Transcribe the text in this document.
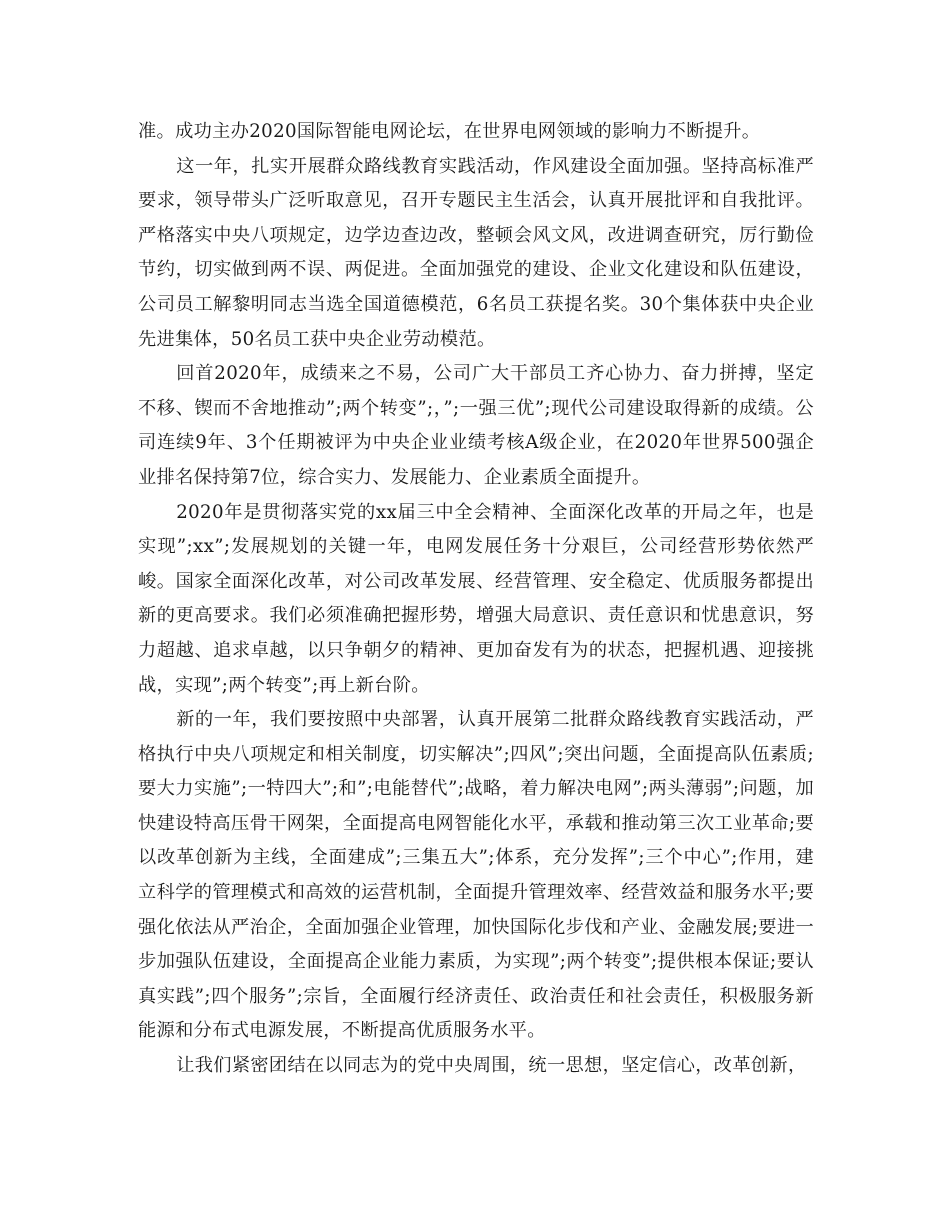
准。成功主办2020国际智能电网论坛，在世界电网领域的影响力不断提升。

这一年，扎实开展群众路线教育实践活动，作风建设全面加强。坚持高标准严要求，领导带头广泛听取意见，召开专题民主生活会，认真开展批评和自我批评。严格落实中央八项规定，边学边查边改，整顿会风文风，改进调查研究，厉行勤俭节约，切实做到两不误、两促进。全面加强党的建设、企业文化建设和队伍建设，公司员工解黎明同志当选全国道德模范，6名员工获提名奖。30个集体获中央企业先进集体，50名员工获中央企业劳动模范。

回首2020年，成绩来之不易，公司广大干部员工齐心协力、奋力拼搏，坚定不移、锲而不舍地推动”;两个转变”;，”;一强三优”;现代公司建设取得新的成绩。公司连续9年、3个任期被评为中央企业业绩考核A级企业，在2020年世界500强企业排名保持第7位，综合实力、发展能力、企业素质全面提升。

2020年是贯彻落实党的xx届三中全会精神、全面深化改革的开局之年，也是实现”;xx”;发展规划的关键一年，电网发展任务十分艰巨，公司经营形势依然严峻。国家全面深化改革，对公司改革发展、经营管理、安全稳定、优质服务都提出新的更高要求。我们必须准确把握形势，增强大局意识、责任意识和忧患意识，努力超越、追求卓越，以只争朝夕的精神、更加奋发有为的状态，把握机遇、迎接挑战，实现”;两个转变”;再上新台阶。

新的一年，我们要按照中央部署，认真开展第二批群众路线教育实践活动，严格执行中央八项规定和相关制度，切实解决”;四风”;突出问题，全面提高队伍素质;要大力实施”;一特四大”;和”;电能替代”;战略，着力解决电网”;两头薄弱”;问题，加快建设特高压骨干网架，全面提高电网智能化水平，承载和推动第三次工业革命;要以改革创新为主线，全面建成”;三集五大”;体系，充分发挥”;三个中心”;作用，建立科学的管理模式和高效的运营机制，全面提升管理效率、经营效益和服务水平;要强化依法从严治企，全面加强企业管理，加快国际化步伐和产业、金融发展;要进一步加强队伍建设，全面提高企业能力素质，为实现”;两个转变”;提供根本保证;要认真实践”;四个服务”;宗旨，全面履行经济责任、政治责任和社会责任，积极服务新能源和分布式电源发展，不断提高优质服务水平。

让我们紧密团结在以同志为的党中央周围，统一思想，坚定信心，改革创新，
